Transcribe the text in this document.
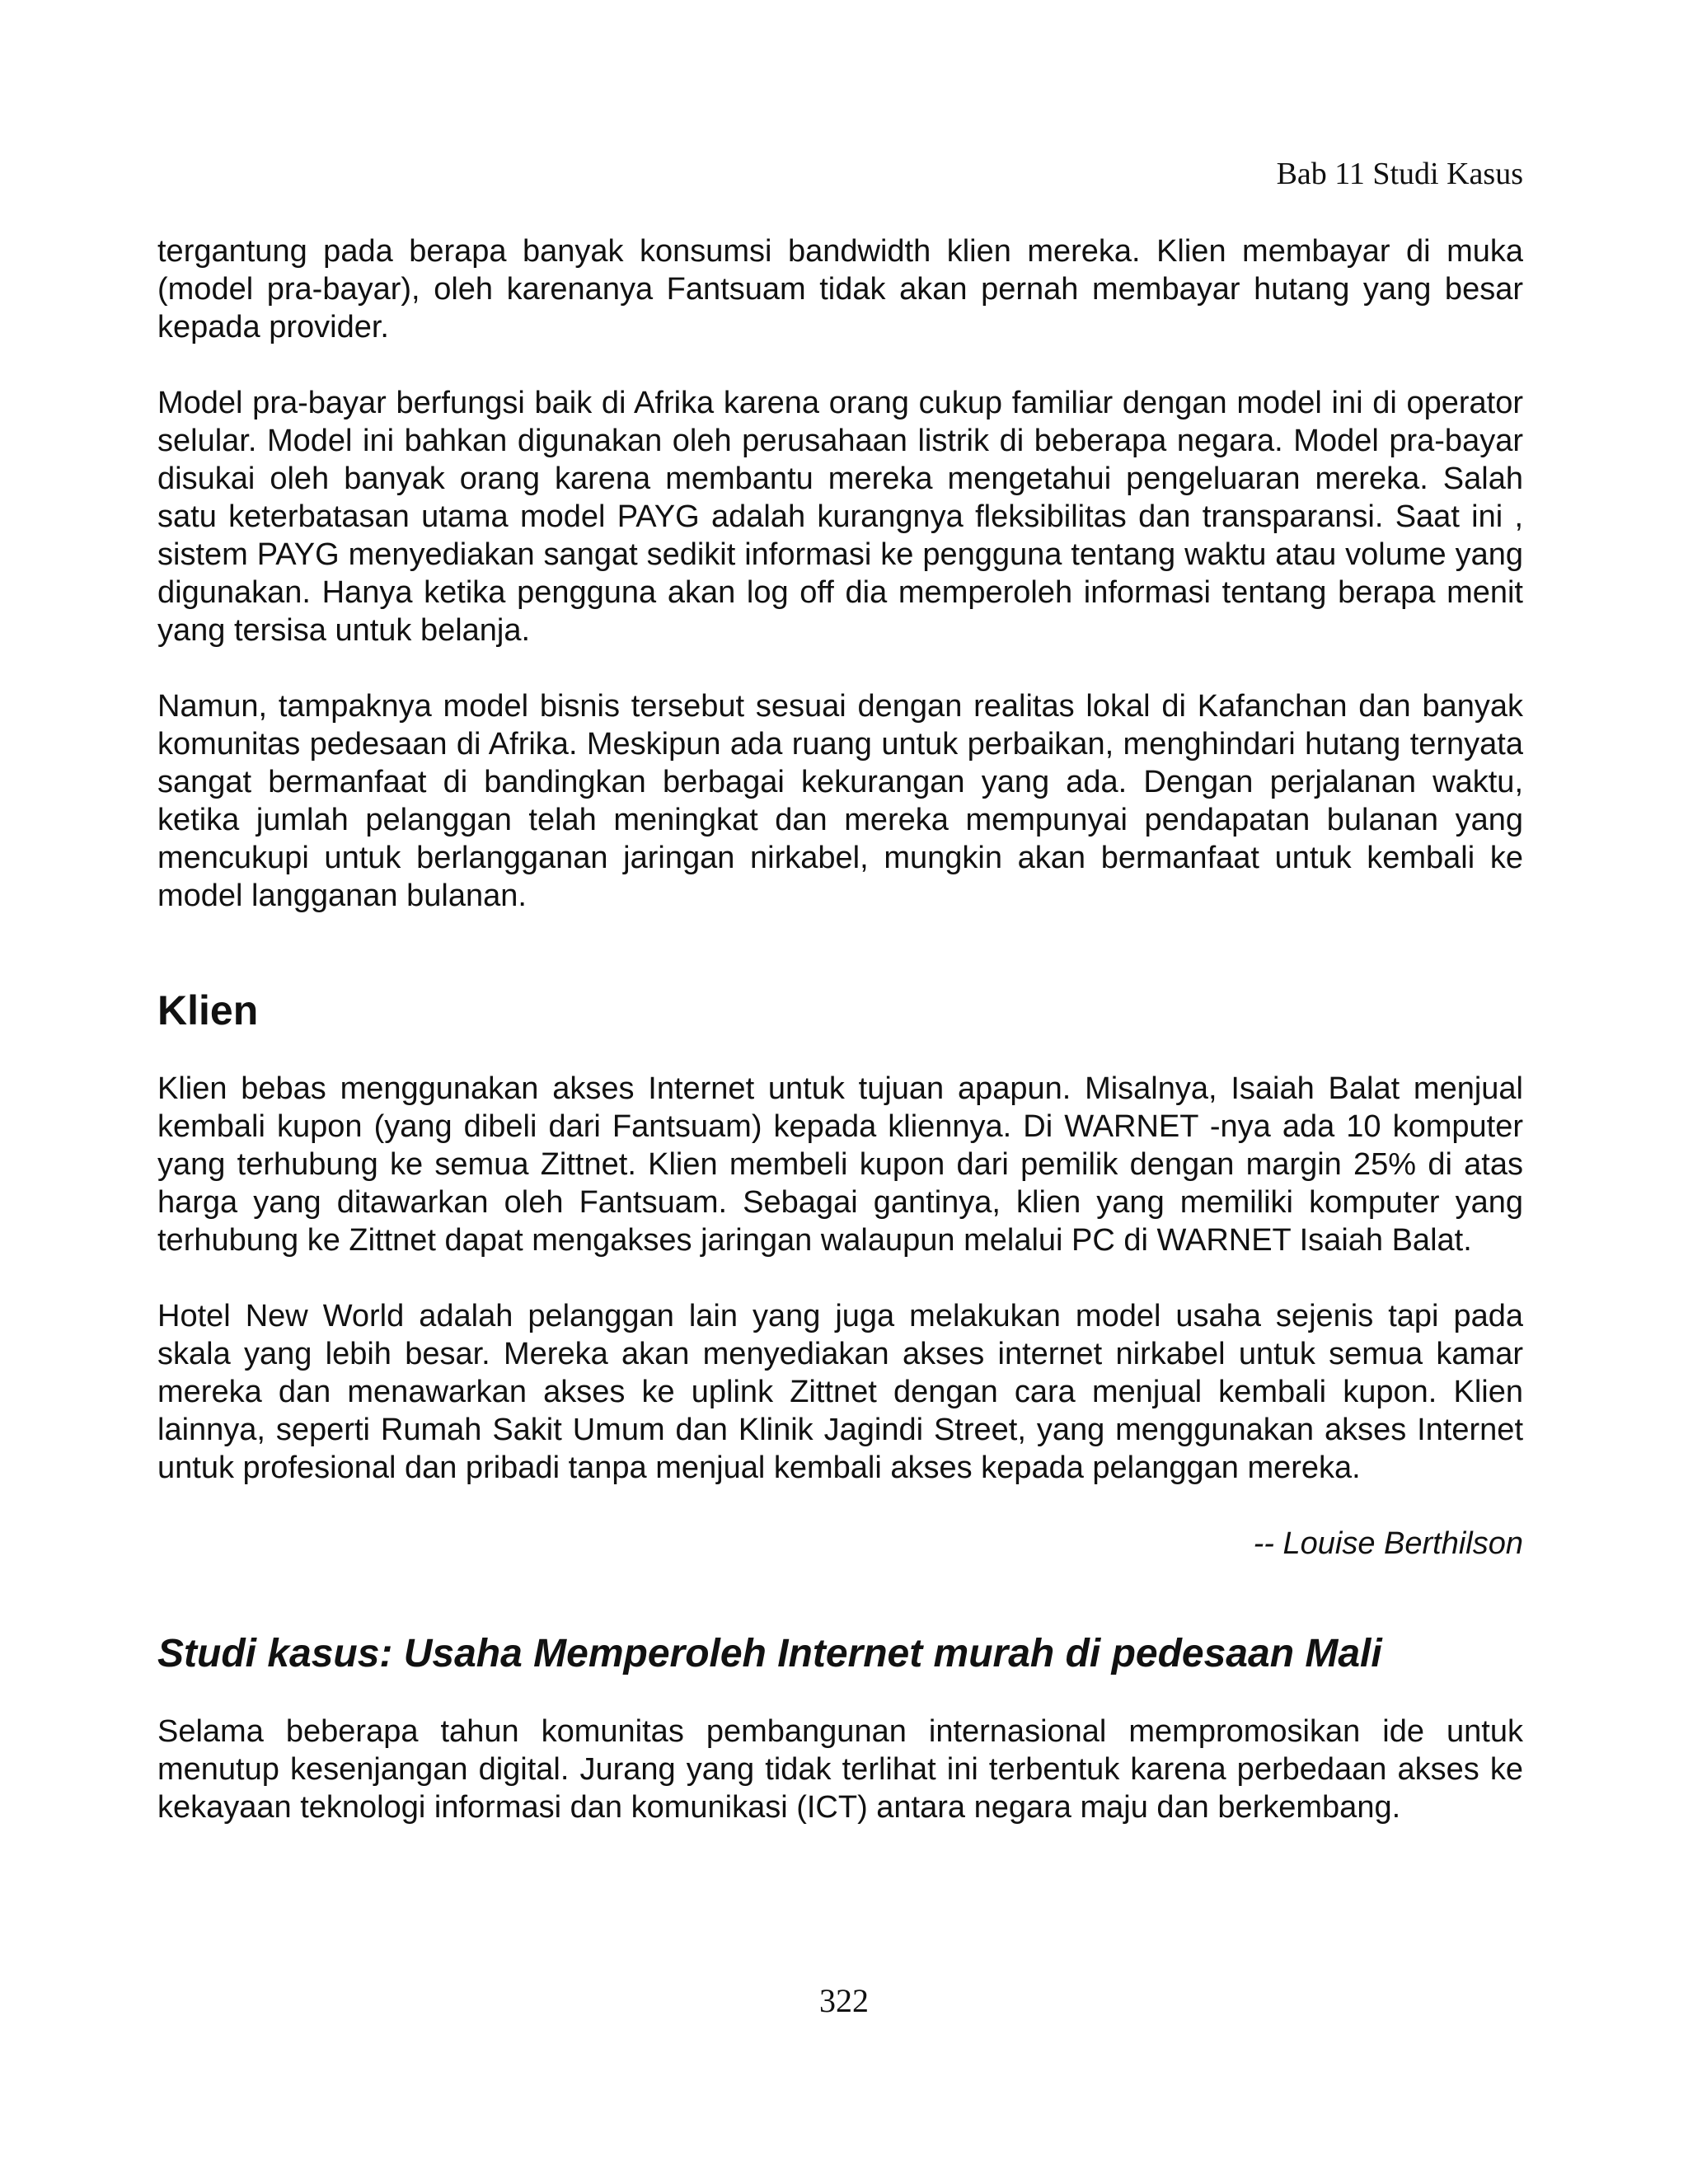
Bab 11 Studi Kasus

tergantung pada berapa banyak konsumsi bandwidth klien mereka. Klien membayar di muka (model pra-bayar), oleh karenanya Fantsuam tidak akan pernah membayar hutang yang besar kepada provider.

Model pra-bayar berfungsi baik di Afrika karena orang cukup familiar dengan model ini di operator selular. Model ini bahkan digunakan oleh perusahaan listrik di beberapa negara. Model pra-bayar disukai oleh banyak orang karena membantu mereka mengetahui pengeluaran mereka. Salah satu keterbatasan utama model PAYG adalah kurangnya fleksibilitas dan transparansi. Saat ini , sistem PAYG menyediakan sangat sedikit informasi ke pengguna tentang waktu atau volume yang digunakan. Hanya ketika pengguna akan log off dia memperoleh informasi tentang berapa menit yang tersisa untuk belanja.

Namun, tampaknya model bisnis tersebut sesuai dengan realitas lokal di Kafanchan dan banyak komunitas pedesaan di Afrika. Meskipun ada ruang untuk perbaikan, menghindari hutang ternyata sangat bermanfaat di bandingkan berbagai kekurangan yang ada. Dengan perjalanan waktu, ketika jumlah pelanggan telah meningkat dan mereka mempunyai pendapatan bulanan yang mencukupi untuk berlangganan jaringan nirkabel, mungkin akan bermanfaat untuk kembali ke model langganan bulanan.

Klien

Klien bebas menggunakan akses Internet untuk tujuan apapun. Misalnya, Isaiah Balat menjual kembali kupon (yang dibeli dari Fantsuam) kepada kliennya. Di WARNET -nya ada 10 komputer yang terhubung ke semua Zittnet. Klien membeli kupon dari pemilik dengan margin 25% di atas harga yang ditawarkan oleh Fantsuam. Sebagai gantinya, klien yang memiliki komputer yang terhubung ke Zittnet dapat mengakses jaringan walaupun melalui PC di WARNET Isaiah Balat.

Hotel New World adalah pelanggan lain yang juga melakukan model usaha sejenis tapi pada skala yang lebih besar. Mereka akan menyediakan akses internet nirkabel untuk semua kamar mereka dan menawarkan akses ke uplink Zittnet dengan cara menjual kembali kupon. Klien lainnya, seperti Rumah Sakit Umum dan Klinik Jagindi Street, yang menggunakan akses Internet untuk profesional dan pribadi tanpa menjual kembali akses kepada pelanggan mereka.

-- Louise Berthilson

Studi kasus: Usaha Memperoleh Internet murah di pedesaan Mali

Selama beberapa tahun komunitas pembangunan internasional mempromosikan ide untuk menutup kesenjangan digital. Jurang yang tidak terlihat ini terbentuk karena perbedaan akses ke kekayaan teknologi informasi dan komunikasi (ICT) antara negara maju dan berkembang.

322
